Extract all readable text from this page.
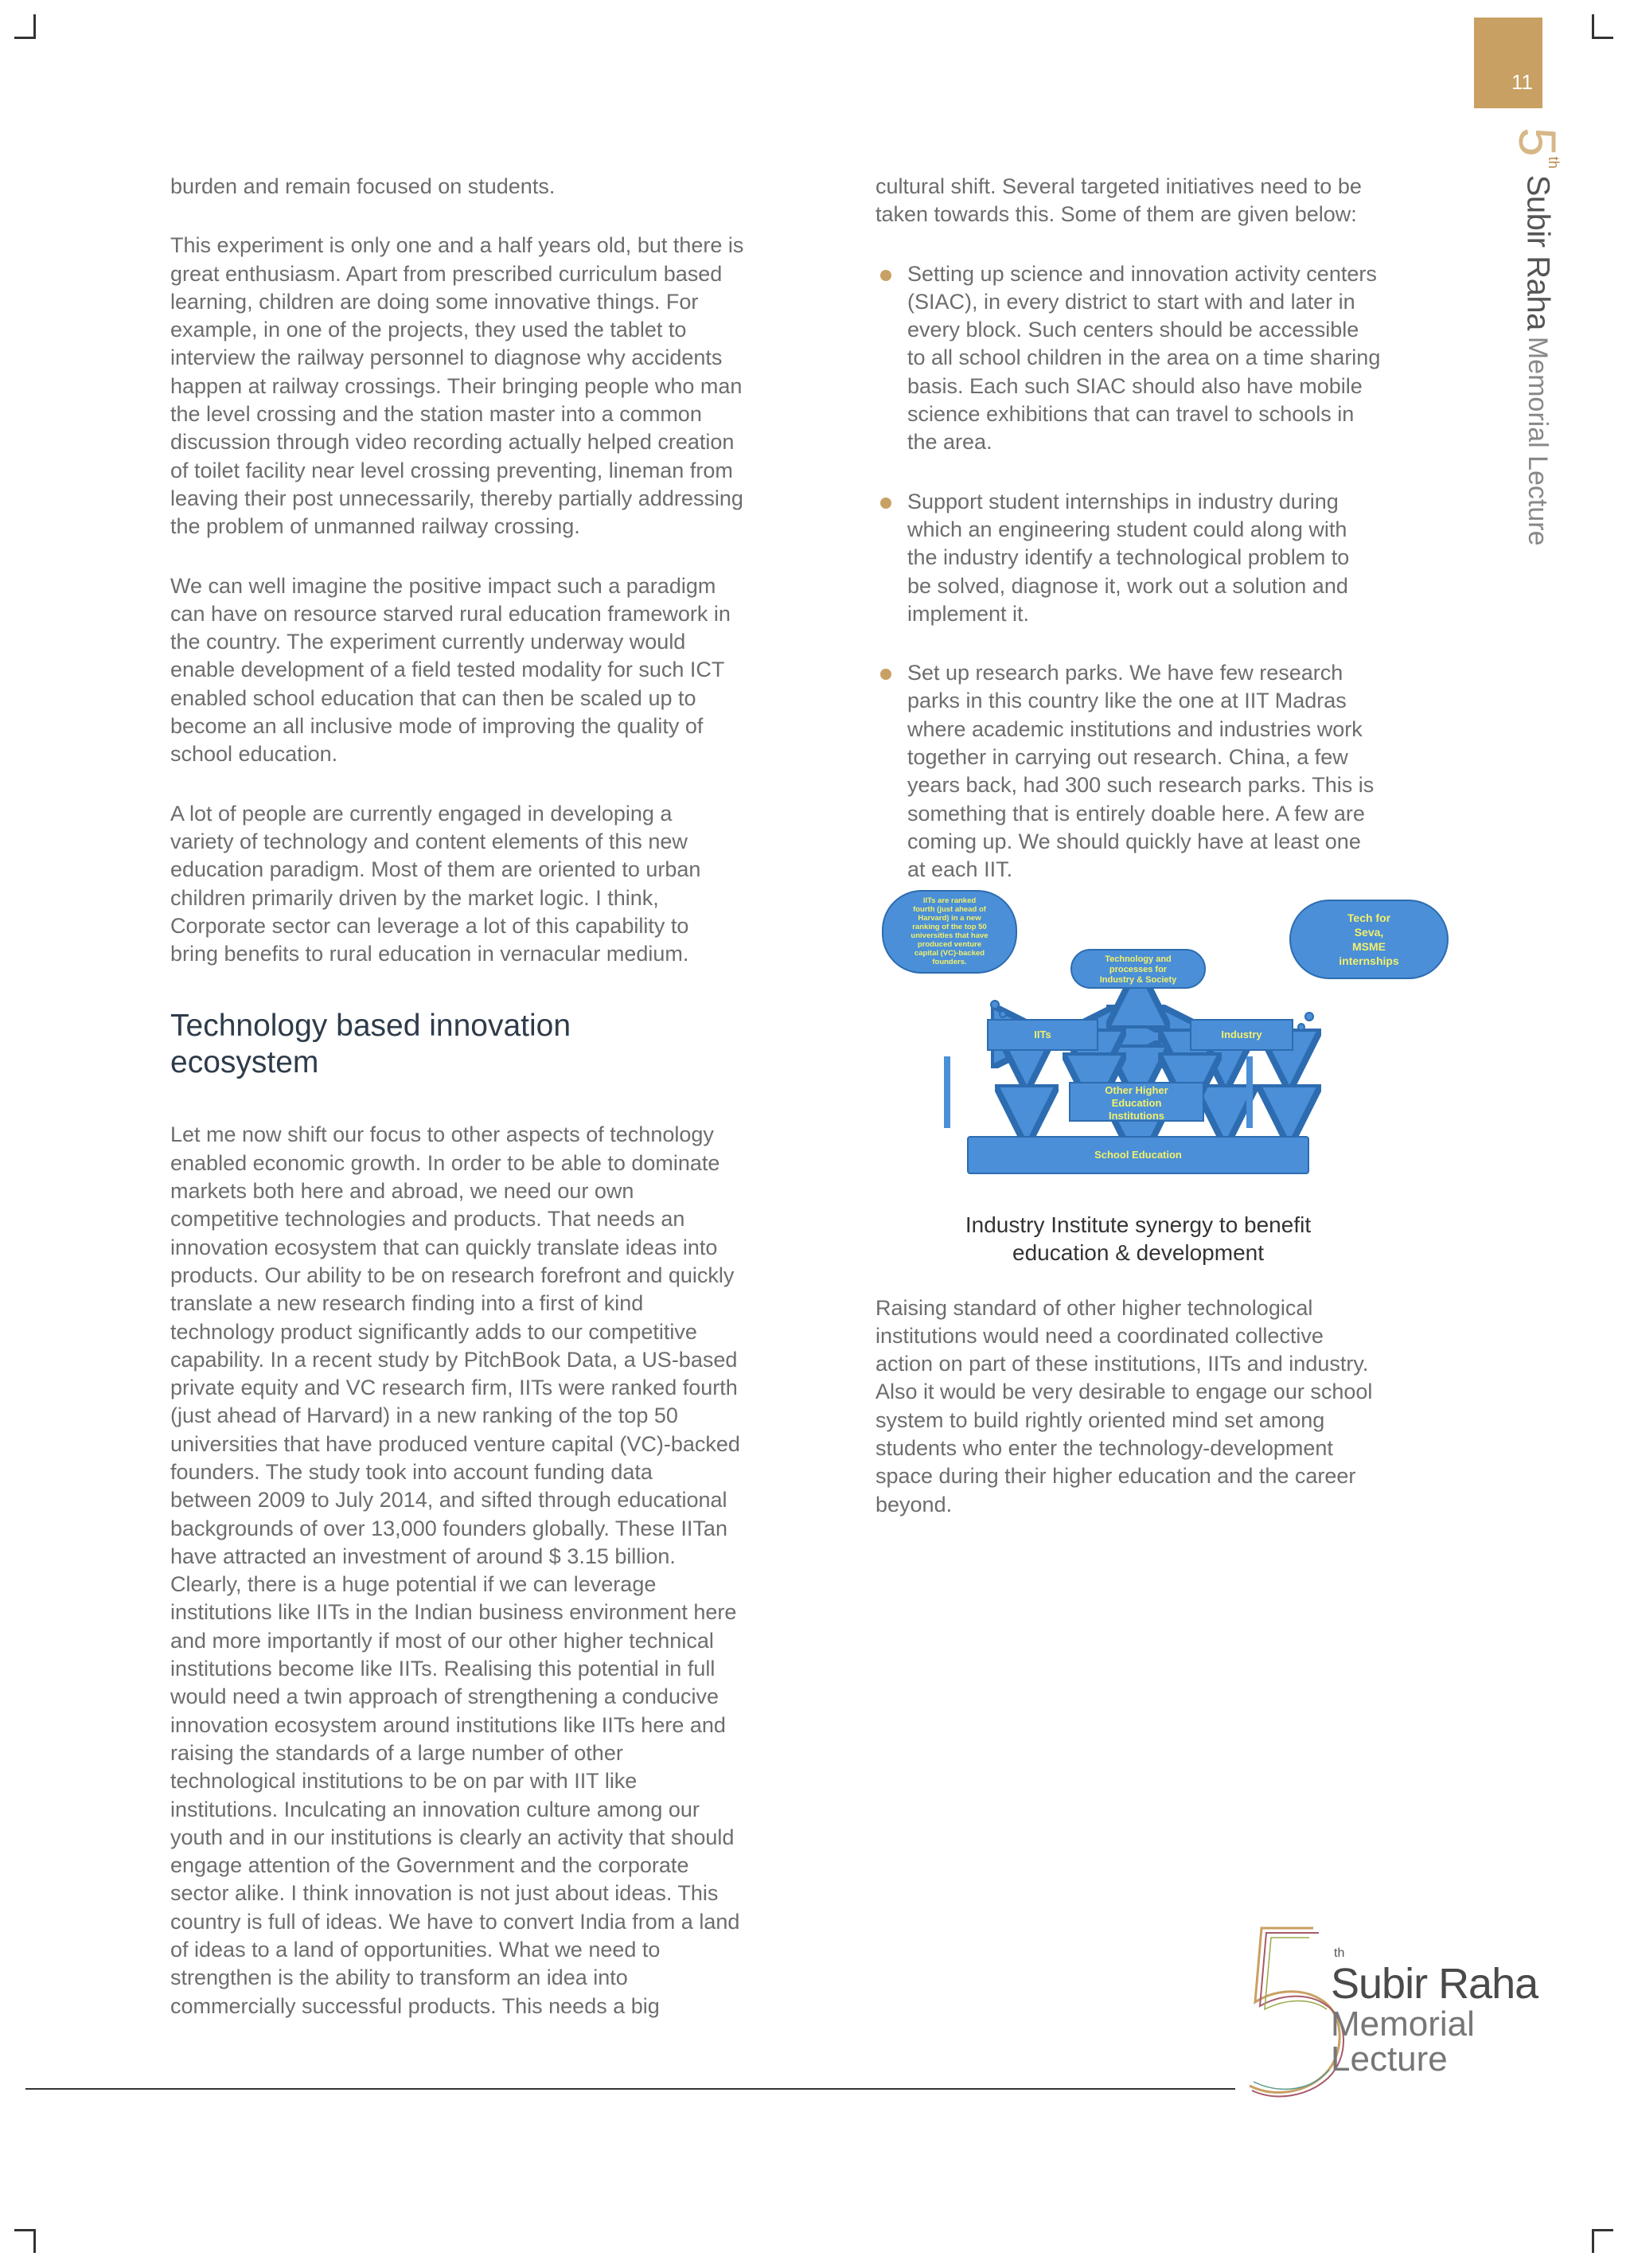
11
5thSubir RahaMemorial Lecture

burden and remain focused on students.

This experiment is only one and a half years old, but there is
great enthusiasm. Apart from prescribed curriculum based
learning, children are doing some innovative things. For
example, in one of the projects, they used the tablet to
interview the railway personnel to diagnose why accidents
happen at railway crossings. Their bringing people who man
the level crossing and the station master into a common
discussion through video recording actually helped creation
of toilet facility near level crossing preventing, lineman from
leaving their post unnecessarily, thereby partially addressing
the problem of unmanned railway crossing.

We can well imagine the positive impact such a paradigm
can have on resource starved rural education framework in
the country. The experiment currently underway would
enable development of a field tested modality for such ICT
enabled school education that can then be scaled up to
become an all inclusive mode of improving the quality of
school education.

A lot of people are currently engaged in developing a
variety of technology and content elements of this new
education paradigm. Most of them are oriented to urban
children primarily driven by the market logic. I think,
Corporate sector can leverage a lot of this capability to
bring benefits to rural education in vernacular medium.

Technology based innovation
ecosystem

Let me now shift our focus to other aspects of technology
enabled economic growth. In order to be able to dominate
markets both here and abroad, we need our own
competitive technologies and products. That needs an
innovation ecosystem that can quickly translate ideas into
products. Our ability to be on research forefront and quickly
translate a new research finding into a first of kind
technology product significantly adds to our competitive
capability. In a recent study by PitchBook Data, a US-based
private equity and VC research firm, IITs were ranked fourth
(just ahead of Harvard) in a new ranking of the top 50
universities that have produced venture capital (VC)-backed
founders. The study took into account funding data
between 2009 to July 2014, and sifted through educational
backgrounds of over 13,000 founders globally. These IITan
have attracted an investment of around $ 3.15 billion.
Clearly, there is a huge potential if we can leverage
institutions like IITs in the Indian business environment here
and more importantly if most of our other higher technical
institutions become like IITs. Realising this potential in full
would need a twin approach of strengthening a conducive
innovation ecosystem around institutions like IITs here and
raising the standards of a large number of other
technological institutions to be on par with IIT like
institutions. Inculcating an innovation culture among our
youth and in our institutions is clearly an activity that should
engage attention of the Government and the corporate
sector alike. I think innovation is not just about ideas. This
country is full of ideas. We have to convert India from a land
of ideas to a land of opportunities. What we need to
strengthen is the ability to transform an idea into
commercially successful products. This needs a big

cultural shift. Several targeted initiatives need to be
taken towards this. Some of them are given below:

Setting up science and innovation activity centers
(SIAC), in every district to start with and later in
every block. Such centers should be accessible
to all school children in the area on a time sharing
basis. Each such SIAC should also have mobile
science exhibitions that can travel to schools in
the area.

Support student internships in industry during
which an engineering student could along with
the industry identify a technological problem to
be solved, diagnose it, work out a solution and
implement it.

Set up research parks. We have few research
parks in this country like the one at IIT Madras
where academic institutions and industries work
together in carrying out research. China, a few
years back, had 300 such research parks. This is
something that is entirely doable here. A few are
coming up. We should quickly have at least one
at each IIT.

Industry Institute synergy to benefit
education & development

Raising standard of other higher technological
institutions would need a coordinated collective
action on part of these institutions, IITs and industry.
Also it would be very desirable to engage our school
system to build rightly oriented mind set among
students who enter the technology-development
space during their higher education and the career
beyond.

IITs are ranked
fourth (just ahead of
Harvard) in a new
ranking of the top 50
universities that have
produced venture
capital (VC)-backed
founders.	Technology and
processes for
Industry & Society
Tech for
Seva,
MSME
internships
IITs	Industry
Other Higher
Education
Institutions
School Education
th
Subir Raha
Memorial
Lecture
